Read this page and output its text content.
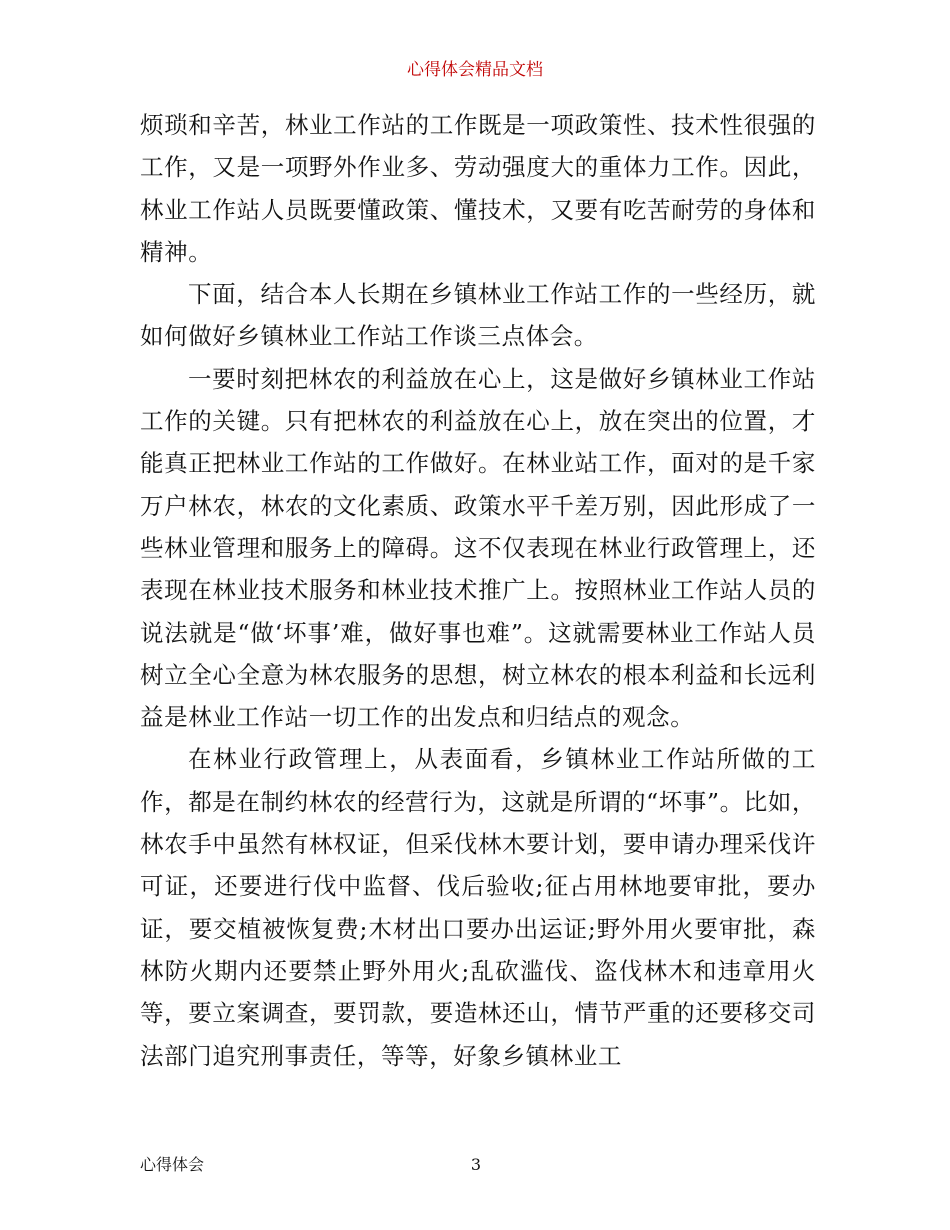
心得体会精品文档

烦琐和辛苦，林业工作站的工作既是一项政策性、技术性很强的工作，又是一项野外作业多、劳动强度大的重体力工作。因此，林业工作站人员既要懂政策、懂技术，又要有吃苦耐劳的身体和精神。

下面，结合本人长期在乡镇林业工作站工作的一些经历，就如何做好乡镇林业工作站工作谈三点体会。

一要时刻把林农的利益放在心上，这是做好乡镇林业工作站工作的关键。只有把林农的利益放在心上，放在突出的位置，才能真正把林业工作站的工作做好。在林业站工作，面对的是千家万户林农，林农的文化素质、政策水平千差万别，因此形成了一些林业管理和服务上的障碍。这不仅表现在林业行政管理上，还表现在林业技术服务和林业技术推广上。按照林业工作站人员的说法就是“做‘坏事’难，做好事也难”。这就需要林业工作站人员树立全心全意为林农服务的思想，树立林农的根本利益和长远利益是林业工作站一切工作的出发点和归结点的观念。

在林业行政管理上，从表面看，乡镇林业工作站所做的工作，都是在制约林农的经营行为，这就是所谓的“坏事”。比如，林农手中虽然有林权证，但采伐林木要计划，要申请办理采伐许可证，还要进行伐中监督、伐后验收;征占用林地要审批，要办证，要交植被恢复费;木材出口要办出运证;野外用火要审批，森林防火期内还要禁止野外用火;乱砍滥伐、盗伐林木和违章用火等，要立案调查，要罚款，要造林还山，情节严重的还要移交司法部门追究刑事责任，等等，好象乡镇林业工

心得体会	3
